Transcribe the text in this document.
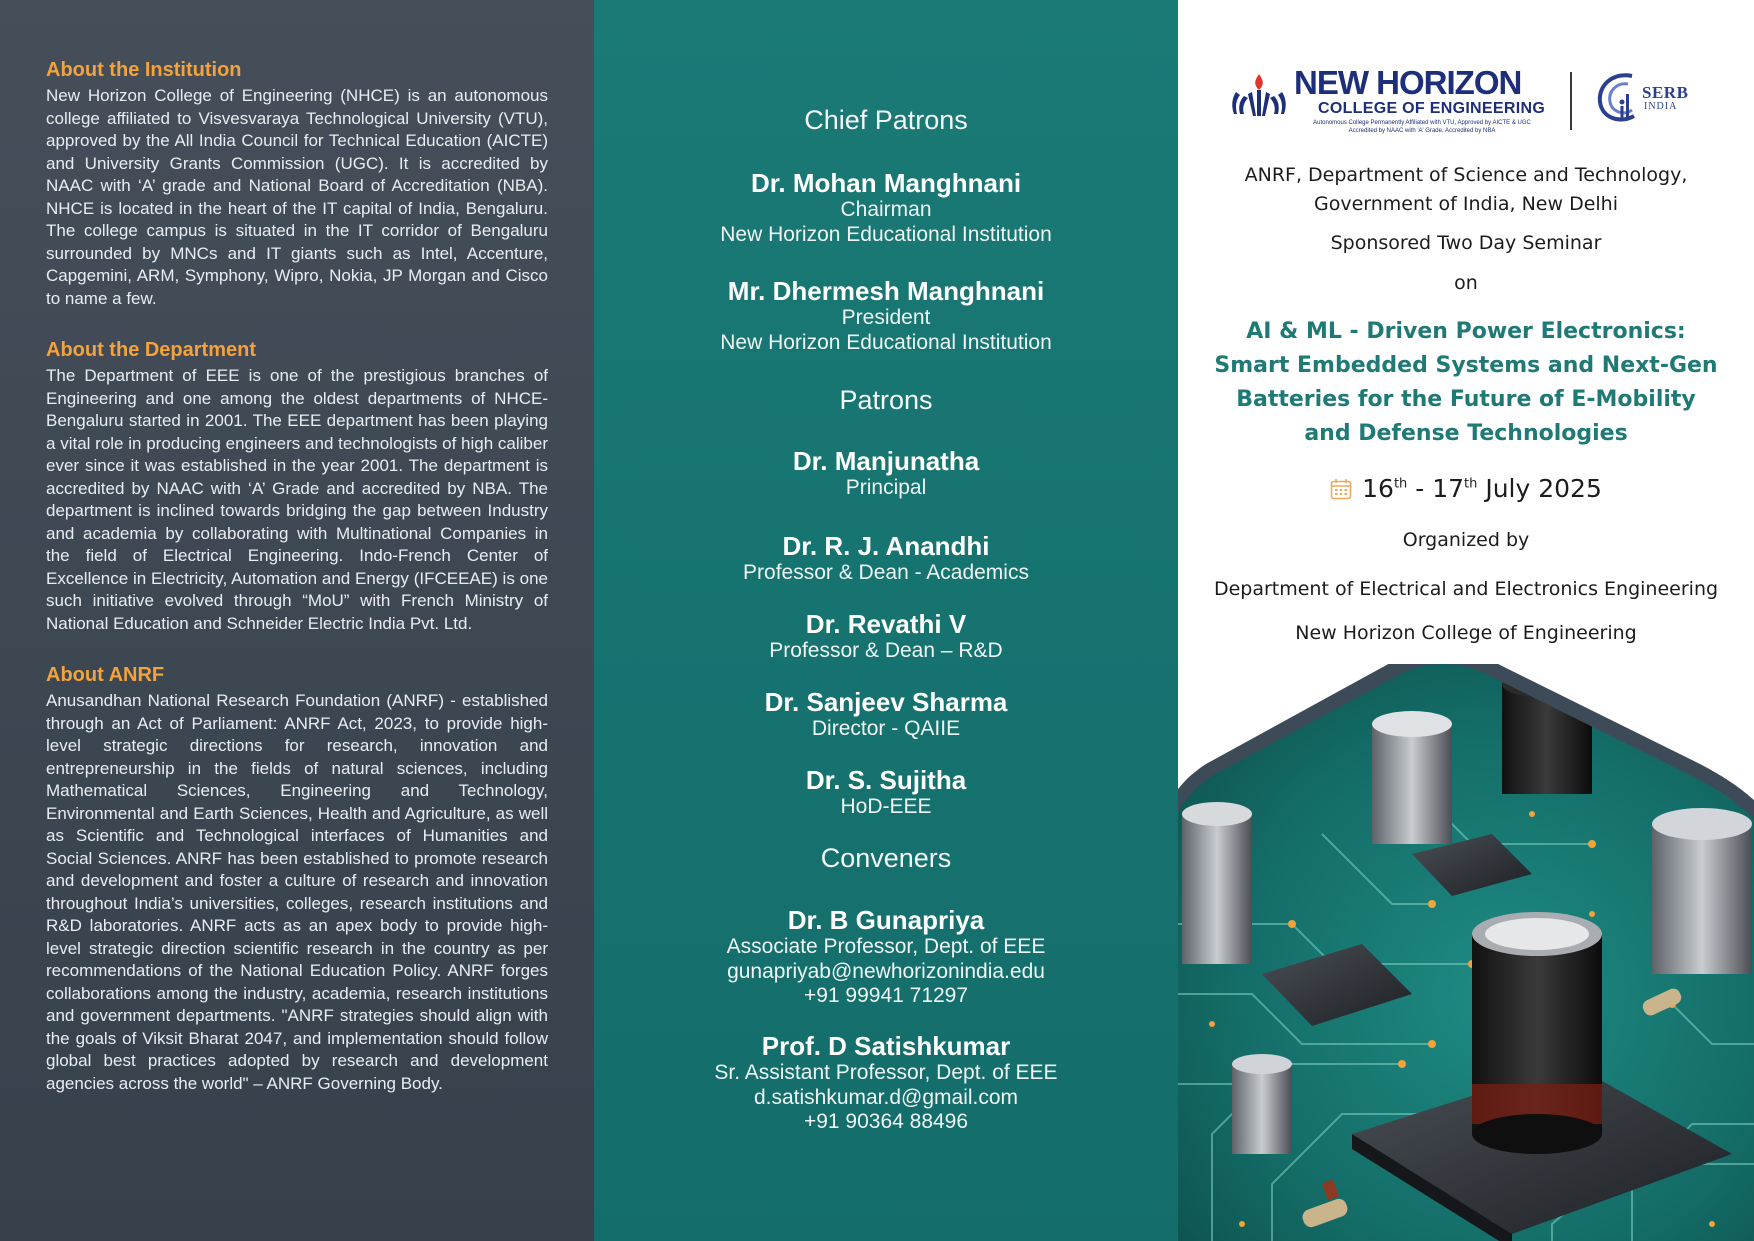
About the Institution
New Horizon College of Engineering (NHCE) is an autonomous college affiliated to Visvesvaraya Technological University (VTU), approved by the All India Council for Technical Education (AICTE) and University Grants Commission (UGC). It is accredited by NAAC with ‘A’ grade and National Board of Accreditation (NBA). NHCE is located in the heart of the IT capital of India, Bengaluru. The college campus is situated in the IT corridor of Bengaluru surrounded by MNCs and IT giants such as Intel, Accenture, Capgemini, ARM, Symphony, Wipro, Nokia, JP Morgan and Cisco to name a few.
About the Department
The Department of EEE is one of the prestigious branches of Engineering and one among the oldest departments of NHCE-Bengaluru started in 2001. The EEE department has been playing a vital role in producing engineers and technologists of high caliber ever since it was established in the year 2001. The department is accredited by NAAC with ‘A’ Grade and accredited by NBA. The department is inclined towards bridging the gap between Industry and academia by collaborating with Multinational Companies in the field of Electrical Engineering. Indo-French Center of Excellence in Electricity, Automation and Energy (IFCEEAE) is one such initiative evolved through “MoU” with French Ministry of National Education and Schneider Electric India Pvt. Ltd.
About ANRF
Anusandhan National Research Foundation (ANRF) - established through an Act of Parliament: ANRF Act, 2023, to provide high-level strategic directions for research, innovation and entrepreneurship in the fields of natural sciences, including Mathematical Sciences, Engineering and Technology, Environmental and Earth Sciences, Health and Agriculture, as well as Scientific and Technological interfaces of Humanities and Social Sciences. ANRF has been established to promote research and development and foster a culture of research and innovation throughout India’s universities, colleges, research institutions and R&D laboratories. ANRF acts as an apex body to provide high-level strategic direction scientific research in the country as per recommendations of the National Education Policy. ANRF forges collaborations among the industry, academia, research institutions and government departments. "ANRF strategies should align with the goals of Viksit Bharat 2047, and implementation should follow global best practices adopted by research and development agencies across the world" – ANRF Governing Body.
Chief Patrons
Dr. Mohan Manghnani
Chairman
New Horizon Educational Institution
Mr. Dhermesh Manghnani
President
New Horizon Educational Institution
Patrons
Dr. Manjunatha
Principal
Dr. R. J. Anandhi
Professor & Dean - Academics
Dr. Revathi V
Professor & Dean – R&D
Dr. Sanjeev Sharma
Director - QAIIE
Dr. S. Sujitha
HoD-EEE
Conveners
Dr. B Gunapriya
Associate Professor, Dept. of EEE
gunapriyab@newhorizonindia.edu
+91 99941 71297
Prof. D Satishkumar
Sr. Assistant Professor, Dept. of EEE
d.satishkumar.d@gmail.com
+91 90364 88496
NEW HORIZON
COLLEGE OF ENGINEERING
Autonomous College Permanently Affiliated with VTU, Approved by AICTE & UGC
Accredited by NAAC with 'A' Grade, Accredited by NBA
SERB
INDIA
ANRF, Department of Science and Technology,
Government of India, New Delhi
Sponsored Two Day Seminar
on
AI & ML - Driven Power Electronics:
Smart Embedded Systems and Next-Gen
Batteries for the Future of E-Mobility
and Defense Technologies
16th - 17th July 2025
Organized by
Department of Electrical and Electronics Engineering
New Horizon College of Engineering
